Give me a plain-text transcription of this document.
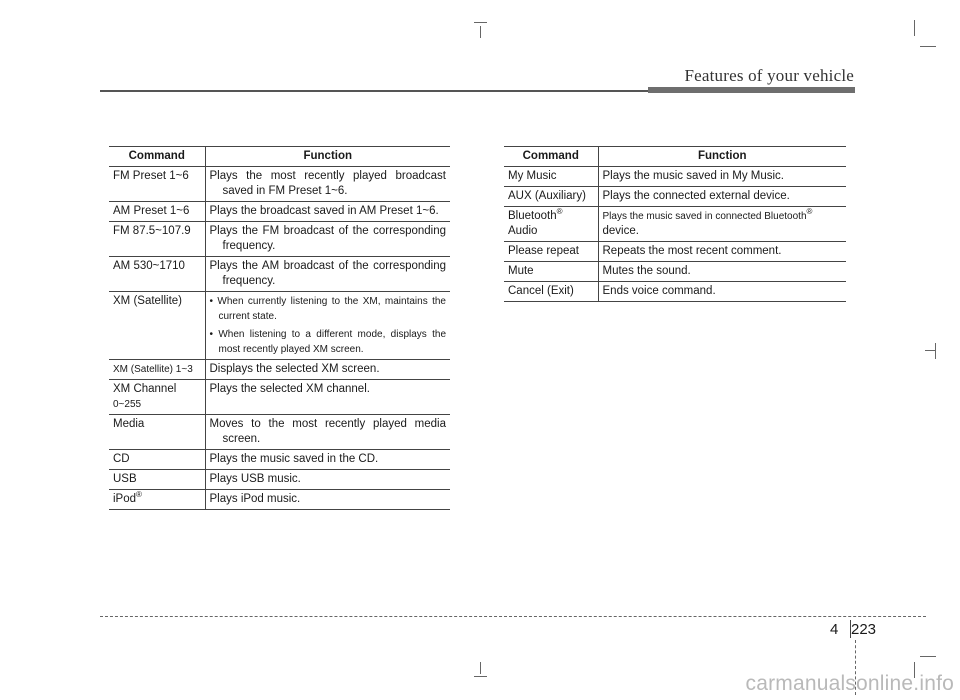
Features of your vehicle
Command	Function
FM Preset 1~6	Plays the most recently played broadcast saved in FM Preset 1~6.

AM Preset 1~6	Plays the broadcast saved in AM Preset 1~6.
FM 87.5~107.9	Plays the FM broadcast of the corresponding frequency.

AM 530~1710	Plays the AM broadcast of the corresponding frequency.

XM (Satellite)	• When currently listening to the XM, maintains the current state.
• When listening to a different mode, displays the most recently played XM screen.

XM (Satellite) 1~3	Displays the selected XM screen.
XM Channel
0~255	Plays the selected XM channel.
Media	Moves to the most recently played media screen.

CD	Plays the music saved in the CD.
USB	Plays USB music.
iPod®	Plays iPod music.
Command	Function
My Music	Plays the music saved in My Music.
AUX (Auxiliary)	Plays the connected external device.
Bluetooth®
Audio	Plays the music saved in connected Bluetooth®
device.

Please repeat	Repeats the most recent comment.
Mute	Mutes the sound.
Cancel (Exit)	Ends voice command.
4 223
carmanualsonline.info
